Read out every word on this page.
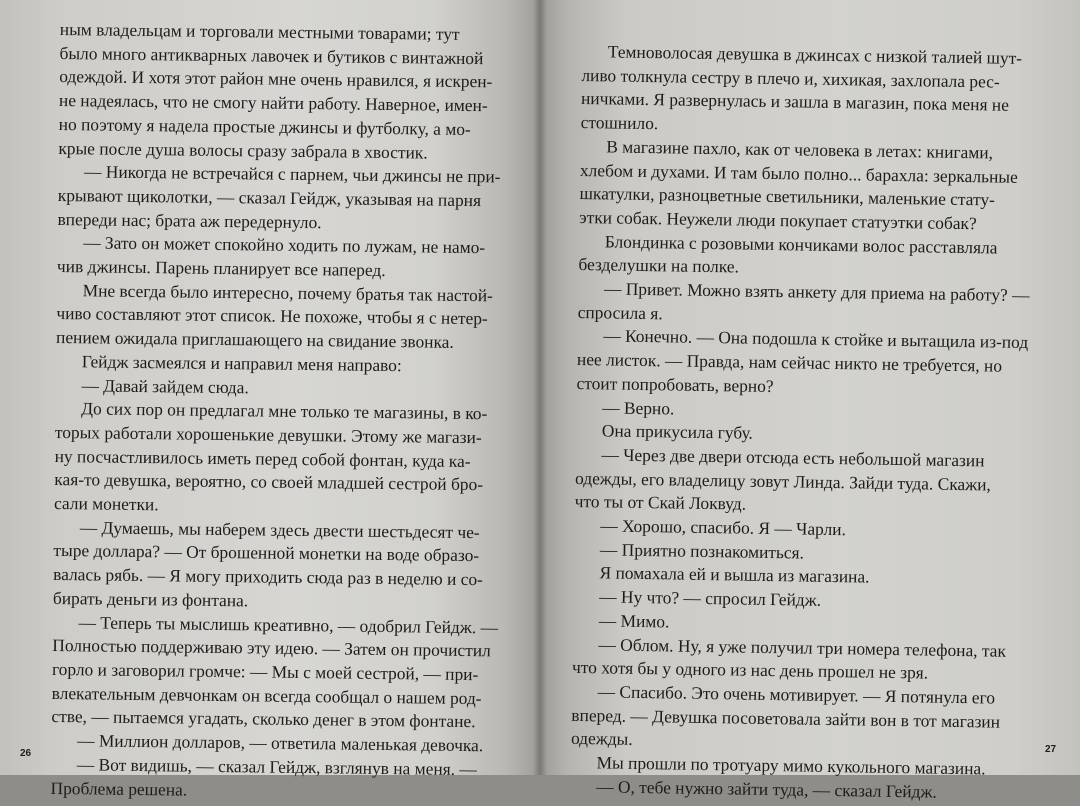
ным владельцам и торговали местными товарами; тут
было много антикварных лавочек и бутиков с винтажной
одеждой. И хотя этот район мне очень нравился, я искрен-
не надеялась, что не смогу найти работу. Наверное, имен-
но поэтому я надела простые джинсы и футболку, а мо-
крые после душа волосы сразу забрала в хвостик.
— Никогда не встречайся с парнем, чьи джинсы не при-
крывают щиколотки, — сказал Гейдж, указывая на парня
впереди нас; брата аж передернуло.
— Зато он может спокойно ходить по лужам, не намо-
чив джинсы. Парень планирует все наперед.
Мне всегда было интересно, почему братья так настой-
чиво составляют этот список. Не похоже, чтобы я с нетер-
пением ожидала приглашающего на свидание звонка.
Гейдж засмеялся и направил меня направо:
— Давай зайдем сюда.
До сих пор он предлагал мне только те магазины, в ко-
торых работали хорошенькие девушки. Этому же магази-
ну посчастливилось иметь перед собой фонтан, куда ка-
кая-то девушка, вероятно, со своей младшей сестрой бро-
сали монетки.
— Думаешь, мы наберем здесь двести шестьдесят че-
тыре доллара? — От брошенной монетки на воде образо-
валась рябь. — Я могу приходить сюда раз в неделю и со-
бирать деньги из фонтана.
— Теперь ты мыслишь креативно, — одобрил Гейдж. —
Полностью поддерживаю эту идею. — Затем он прочистил
горло и заговорил громче: — Мы с моей сестрой, — при-
влекательным девчонкам он всегда сообщал о нашем род-
стве, — пытаемся угадать, сколько денег в этом фонтане.
— Миллион долларов, — ответила маленькая девочка.
— Вот видишь, — сказал Гейдж, взглянув на меня. —
Проблема решена.
26
Темноволосая девушка в джинсах с низкой талией шут-
ливо толкнула сестру в плечо и, хихикая, захлопала рес-
ничками. Я развернулась и зашла в магазин, пока меня не
стошнило.
В магазине пахло, как от человека в летах: книгами,
хлебом и духами. И там было полно... барахла: зеркальные
шкатулки, разноцветные светильники, маленькие стату-
этки собак. Неужели люди покупает статуэтки собак?
Блондинка с розовыми кончиками волос расставляла
безделушки на полке.
— Привет. Можно взять анкету для приема на работу? —
спросила я.
— Конечно. — Она подошла к стойке и вытащила из-под
нее листок. — Правда, нам сейчас никто не требуется, но
стоит попробовать, верно?
— Верно.
Она прикусила губу.
— Через две двери отсюда есть небольшой магазин
одежды, его владелицу зовут Линда. Зайди туда. Скажи,
что ты от Скай Локвуд.
— Хорошо, спасибо. Я — Чарли.
— Приятно познакомиться.
Я помахала ей и вышла из магазина.
— Ну что? — спросил Гейдж.
— Мимо.
— Облом. Ну, я уже получил три номера телефона, так
что хотя бы у одного из нас день прошел не зря.
— Спасибо. Это очень мотивирует. — Я потянула его
вперед. — Девушка посоветовала зайти вон в тот магазин
одежды.
Мы прошли по тротуару мимо кукольного магазина.
— О, тебе нужно зайти туда, — сказал Гейдж.
27
